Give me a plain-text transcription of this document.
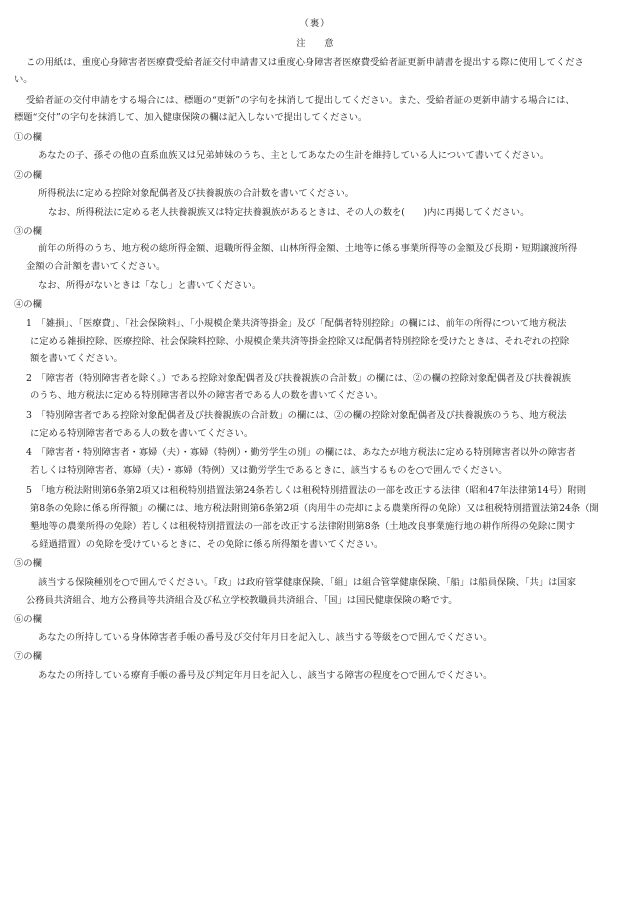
（裏）
注　　意
この用紙は、重度心身障害者医療費受給者証交付申請書又は重度心身障害者医療費受給者証更新申請書を提出する際に使用してくださ
い。
受給者証の交付申請をする場合には、標題の“更新”の字句を抹消して提出してください。また、受給者証の更新申請する場合には、
標題“交付”の字句を抹消して、加入健康保険の欄は記入しないで提出してください。
①の欄
あなたの子、孫その他の直系血族又は兄弟姉妹のうち、主としてあなたの生計を維持している人について書いてください。
②の欄
所得税法に定める控除対象配偶者及び扶養親族の合計数を書いてください。
なお、所得税法に定める老人扶養親族又は特定扶養親族があるときは、その人の数を(　　)内に再掲してください。
③の欄
前年の所得のうち、地方税の総所得金額、退職所得金額、山林所得金額、土地等に係る事業所得等の金額及び長期・短期譲渡所得
金額の合計額を書いてください。
なお、所得がないときは「なし」と書いてください。
④の欄
1　「雑損」、「医療費」、「社会保険料」、「小規模企業共済等掛金」及び「配偶者特別控除」の欄には、前年の所得について地方税法
に定める雑損控除、医療控除、社会保険料控除、小規模企業共済等掛金控除又は配偶者特別控除を受けたときは、それぞれの控除
額を書いてください。
2　「障害者（特別障害者を除く。）である控除対象配偶者及び扶養親族の合計数」の欄には、②の欄の控除対象配偶者及び扶養親族
のうち、地方税法に定める特別障害者以外の障害者である人の数を書いてください。
3　「特別障害者である控除対象配偶者及び扶養親族の合計数」の欄には、②の欄の控除対象配偶者及び扶養親族のうち、地方税法
に定める特別障害者である人の数を書いてください。
4　「障害者・特別障害者・寡婦（夫）・寡婦（特例）・勤労学生の別」の欄には、あなたが地方税法に定める特別障害者以外の障害者
若しくは特別障害者、寡婦（夫）・寡婦（特例）又は勤労学生であるときに、該当するものを○で囲んでください。
5　「地方税法附則第6条第2項又は租税特別措置法第24条若しくは租税特別措置法の一部を改正する法律（昭和47年法律第14号）附則
第8条の免除に係る所得額」の欄には、地方税法附則第6条第2項（肉用牛の売却による農業所得の免除）又は租税特別措置法第24条（開
墾地等の農業所得の免除）若しくは租税特別措置法の一部を改正する法律附則第8条（土地改良事業施行地の耕作所得の免除に関す
る経過措置）の免除を受けているときに、その免除に係る所得額を書いてください。
⑤の欄
該当する保険種別を○で囲んでください。「政」は政府管掌健康保険、「組」は組合管掌健康保険、「船」は船員保険、「共」は国家
公務員共済組合、地方公務員等共済組合及び私立学校教職員共済組合、「国」は国民健康保険の略です。
⑥の欄
あなたの所持している身体障害者手帳の番号及び交付年月日を記入し、該当する等級を○で囲んでください。
⑦の欄
あなたの所持している療育手帳の番号及び判定年月日を記入し、該当する障害の程度を○で囲んでください。
